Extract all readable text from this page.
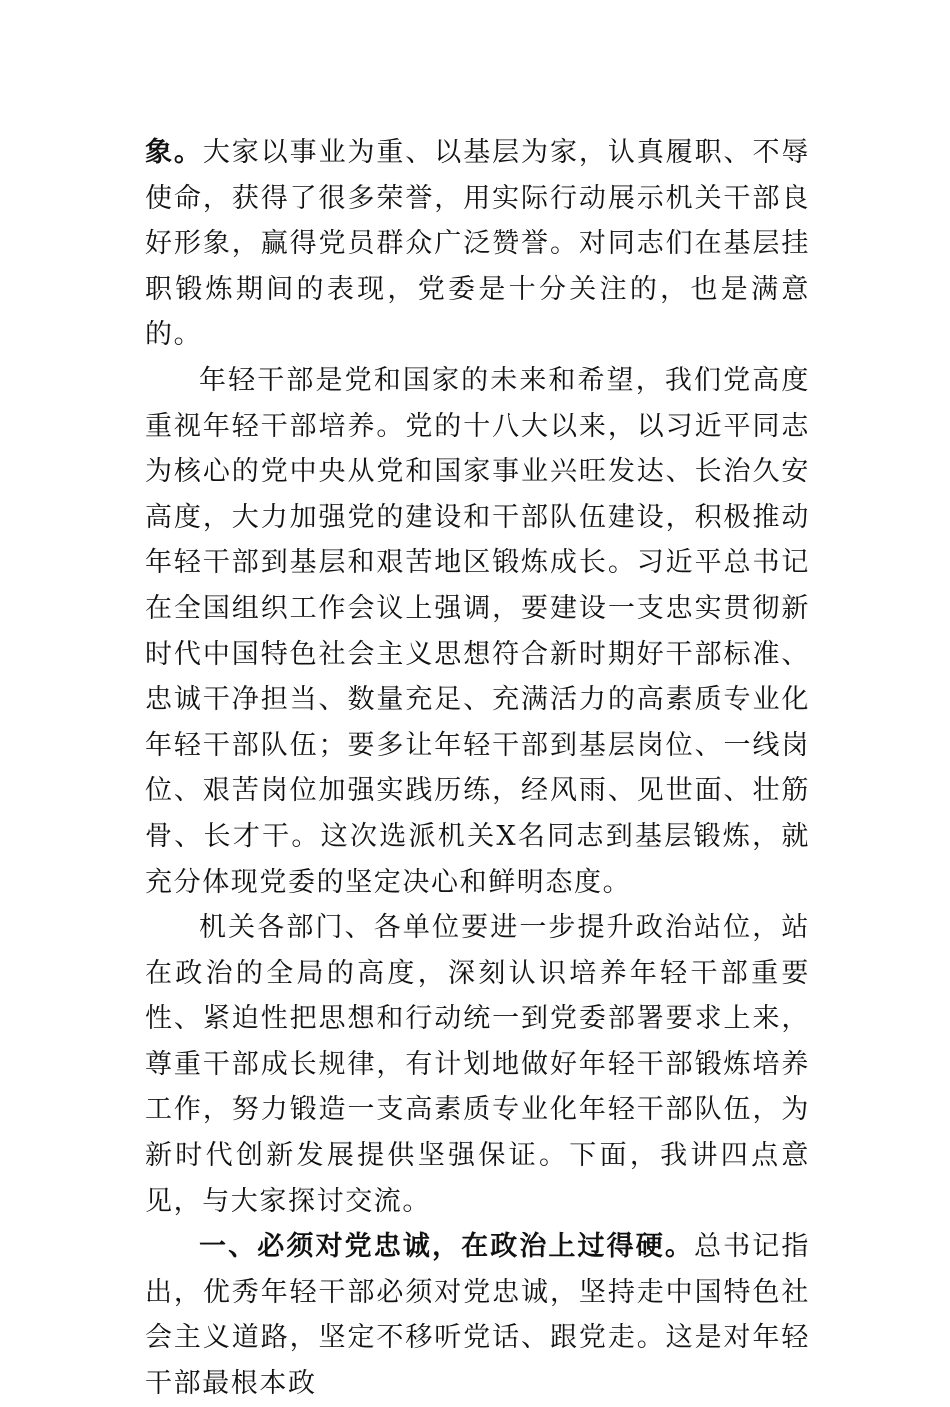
象。大家以事业为重、以基层为家，认真履职、不辱使命，获得了很多荣誉，用实际行动展示机关干部良好形象，赢得党员群众广泛赞誉。对同志们在基层挂职锻炼期间的表现，党委是十分关注的，也是满意的。

年轻干部是党和国家的未来和希望，我们党高度重视年轻干部培养。党的十八大以来，以习近平同志为核心的党中央从党和国家事业兴旺发达、长治久安高度，大力加强党的建设和干部队伍建设，积极推动年轻干部到基层和艰苦地区锻炼成长。习近平总书记在全国组织工作会议上强调，要建设一支忠实贯彻新时代中国特色社会主义思想符合新时期好干部标准、忠诚干净担当、数量充足、充满活力的高素质专业化年轻干部队伍；要多让年轻干部到基层岗位、一线岗位、艰苦岗位加强实践历练，经风雨、见世面、壮筋骨、长才干。这次选派机关X名同志到基层锻炼，就充分体现党委的坚定决心和鲜明态度。

机关各部门、各单位要进一步提升政治站位，站在政治的全局的高度，深刻认识培养年轻干部重要性、紧迫性把思想和行动统一到党委部署要求上来，尊重干部成长规律，有计划地做好年轻干部锻炼培养工作，努力锻造一支高素质专业化年轻干部队伍，为新时代创新发展提供坚强保证。下面，我讲四点意见，与大家探讨交流。

一、必须对党忠诚，在政治上过得硬。总书记指出，优秀年轻干部必须对党忠诚，坚持走中国特色社会主义道路，坚定不移听党话、跟党走。这是对年轻干部最根本政
